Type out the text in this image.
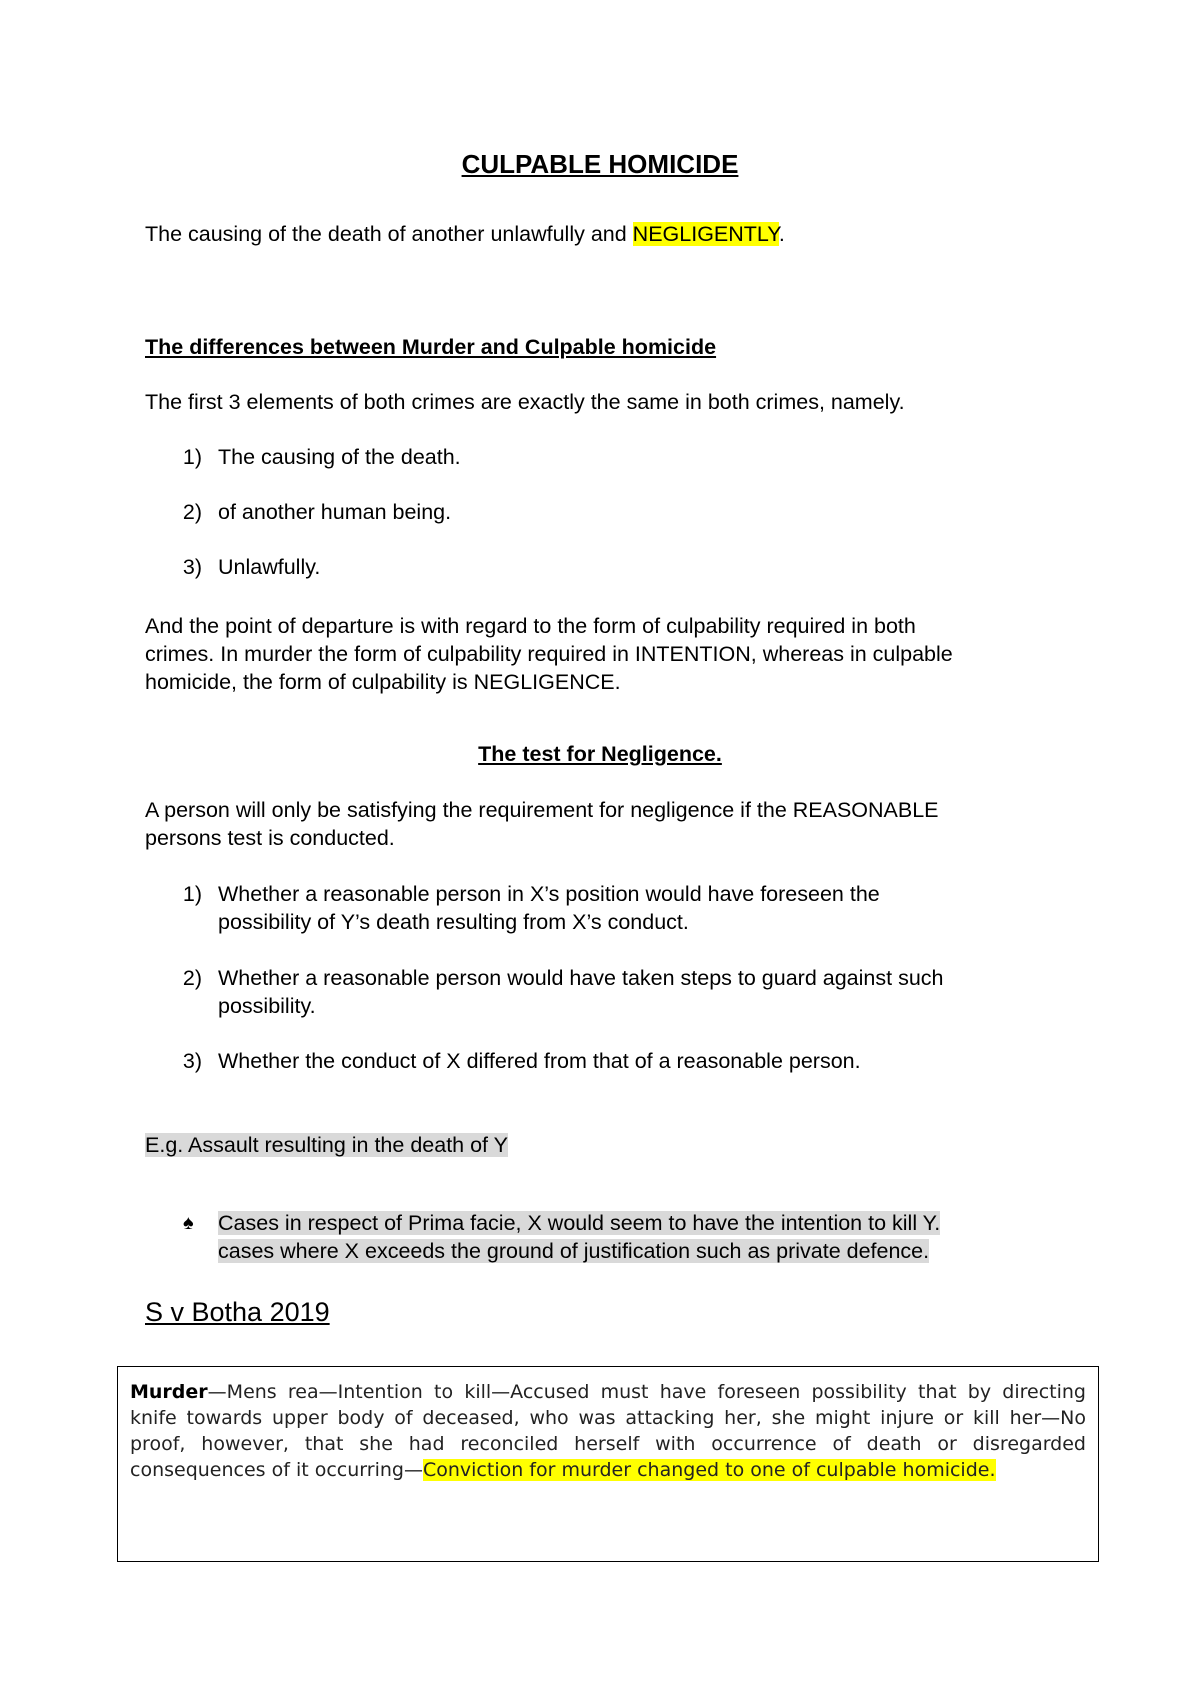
CULPABLE HOMICIDE
The causing of the death of another unlawfully and NEGLIGENTLY.
The differences between Murder and Culpable homicide
The first 3 elements of both crimes are exactly the same in both crimes, namely.
1) The causing of the death.
2) of another human being.
3) Unlawfully.
And the point of departure is with regard to the form of culpability required in both
crimes. In murder the form of culpability required in INTENTION, whereas in culpable
homicide, the form of culpability is NEGLIGENCE.
The test for Negligence.
A person will only be satisfying the requirement for negligence if the REASONABLE
persons test is conducted.
1) Whether a reasonable person in X’s position would have foreseen the
possibility of Y’s death resulting from X’s conduct.
2) Whether a reasonable person would have taken steps to guard against such
possibility.
3) Whether the conduct of X differed from that of a reasonable person.
E.g. Assault resulting in the death of Y
♠ Cases in respect of Prima facie, X would seem to have the intention to kill Y.
cases where X exceeds the ground of justification such as private defence.
S v Botha 2019
Murder—Mens rea—Intention to kill—Accused must have foreseen possibility that by directing knife towards upper body of deceased, who was attacking her, she might injure or kill her—No proof, however, that she had reconciled herself with occurrence of death or disregarded consequences of it occurring—Conviction for murder changed to one of culpable homicide.
